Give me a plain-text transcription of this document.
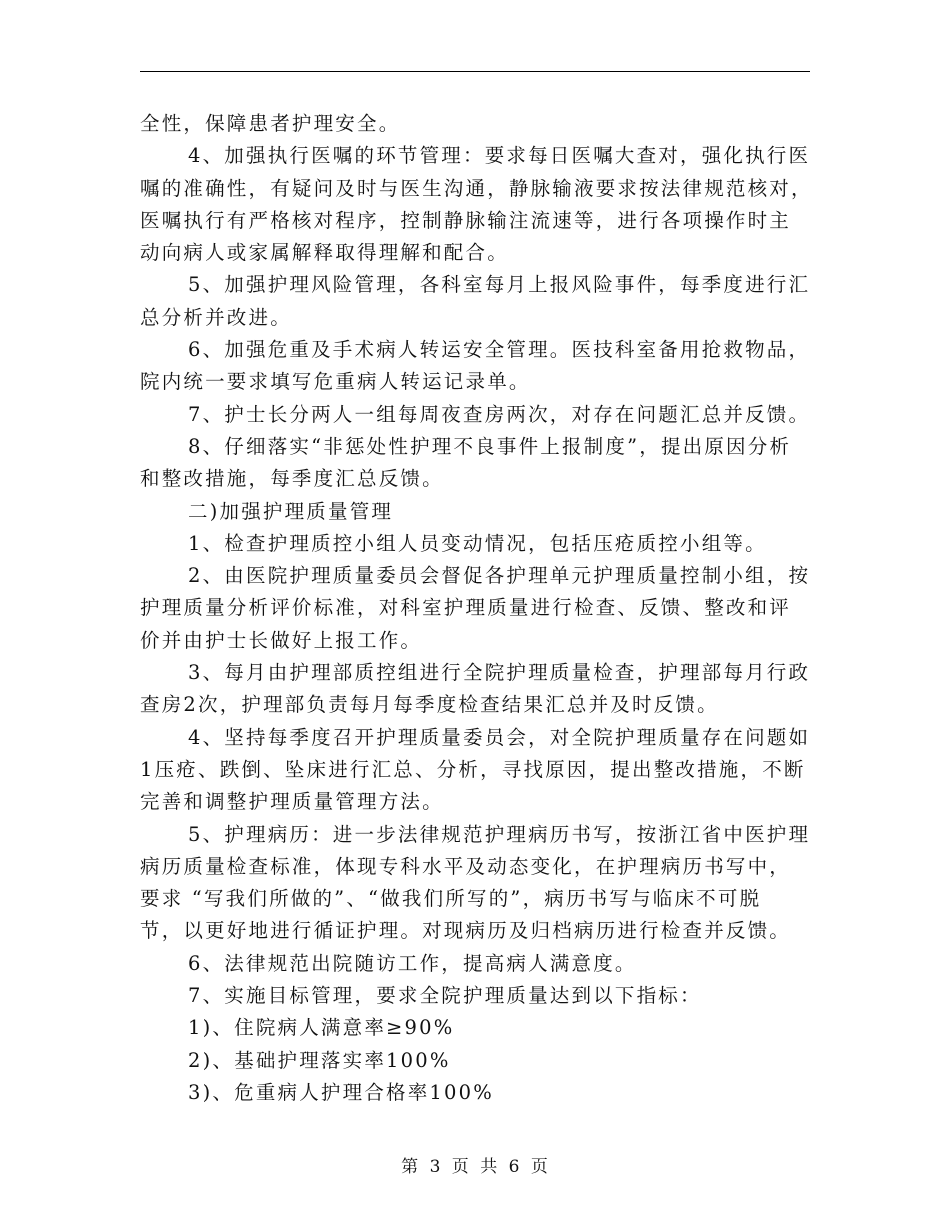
全性，保障患者护理安全。

4、加强执行医嘱的环节管理：要求每日医嘱大查对，强化执行医

嘱的准确性，有疑问及时与医生沟通，静脉输液要求按法律规范核对，

医嘱执行有严格核对程序，控制静脉输注流速等，进行各项操作时主

动向病人或家属解释取得理解和配合。

5、加强护理风险管理，各科室每月上报风险事件，每季度进行汇

总分析并改进。

6、加强危重及手术病人转运安全管理。医技科室备用抢救物品，

院内统一要求填写危重病人转运记录单。

7、护士长分两人一组每周夜查房两次，对存在问题汇总并反馈。

8、仔细落实“非惩处性护理不良事件上报制度”，提出原因分析

和整改措施，每季度汇总反馈。

二)加强护理质量管理

1、检查护理质控小组人员变动情况，包括压疮质控小组等。

2、由医院护理质量委员会督促各护理单元护理质量控制小组，按

护理质量分析评价标准，对科室护理质量进行检查、反馈、整改和评

价并由护士长做好上报工作。

3、每月由护理部质控组进行全院护理质量检查，护理部每月行政

查房2次，护理部负责每月每季度检查结果汇总并及时反馈。

4、坚持每季度召开护理质量委员会，对全院护理质量存在问题如

1压疮、跌倒、坠床进行汇总、分析，寻找原因，提出整改措施，不断

完善和调整护理质量管理方法。

5、护理病历：进一步法律规范护理病历书写，按浙江省中医护理

病历质量检查标准，体现专科水平及动态变化，在护理病历书写中，

要求 “写我们所做的”、“做我们所写的”，病历书写与临床不可脱

节，以更好地进行循证护理。对现病历及归档病历进行检查并反馈。

6、法律规范出院随访工作，提高病人满意度。

7、实施目标管理，要求全院护理质量达到以下指标：

1)、住院病人满意率≥90%

2)、基础护理落实率100%

3)、危重病人护理合格率100%

第 3 页 共 6 页
